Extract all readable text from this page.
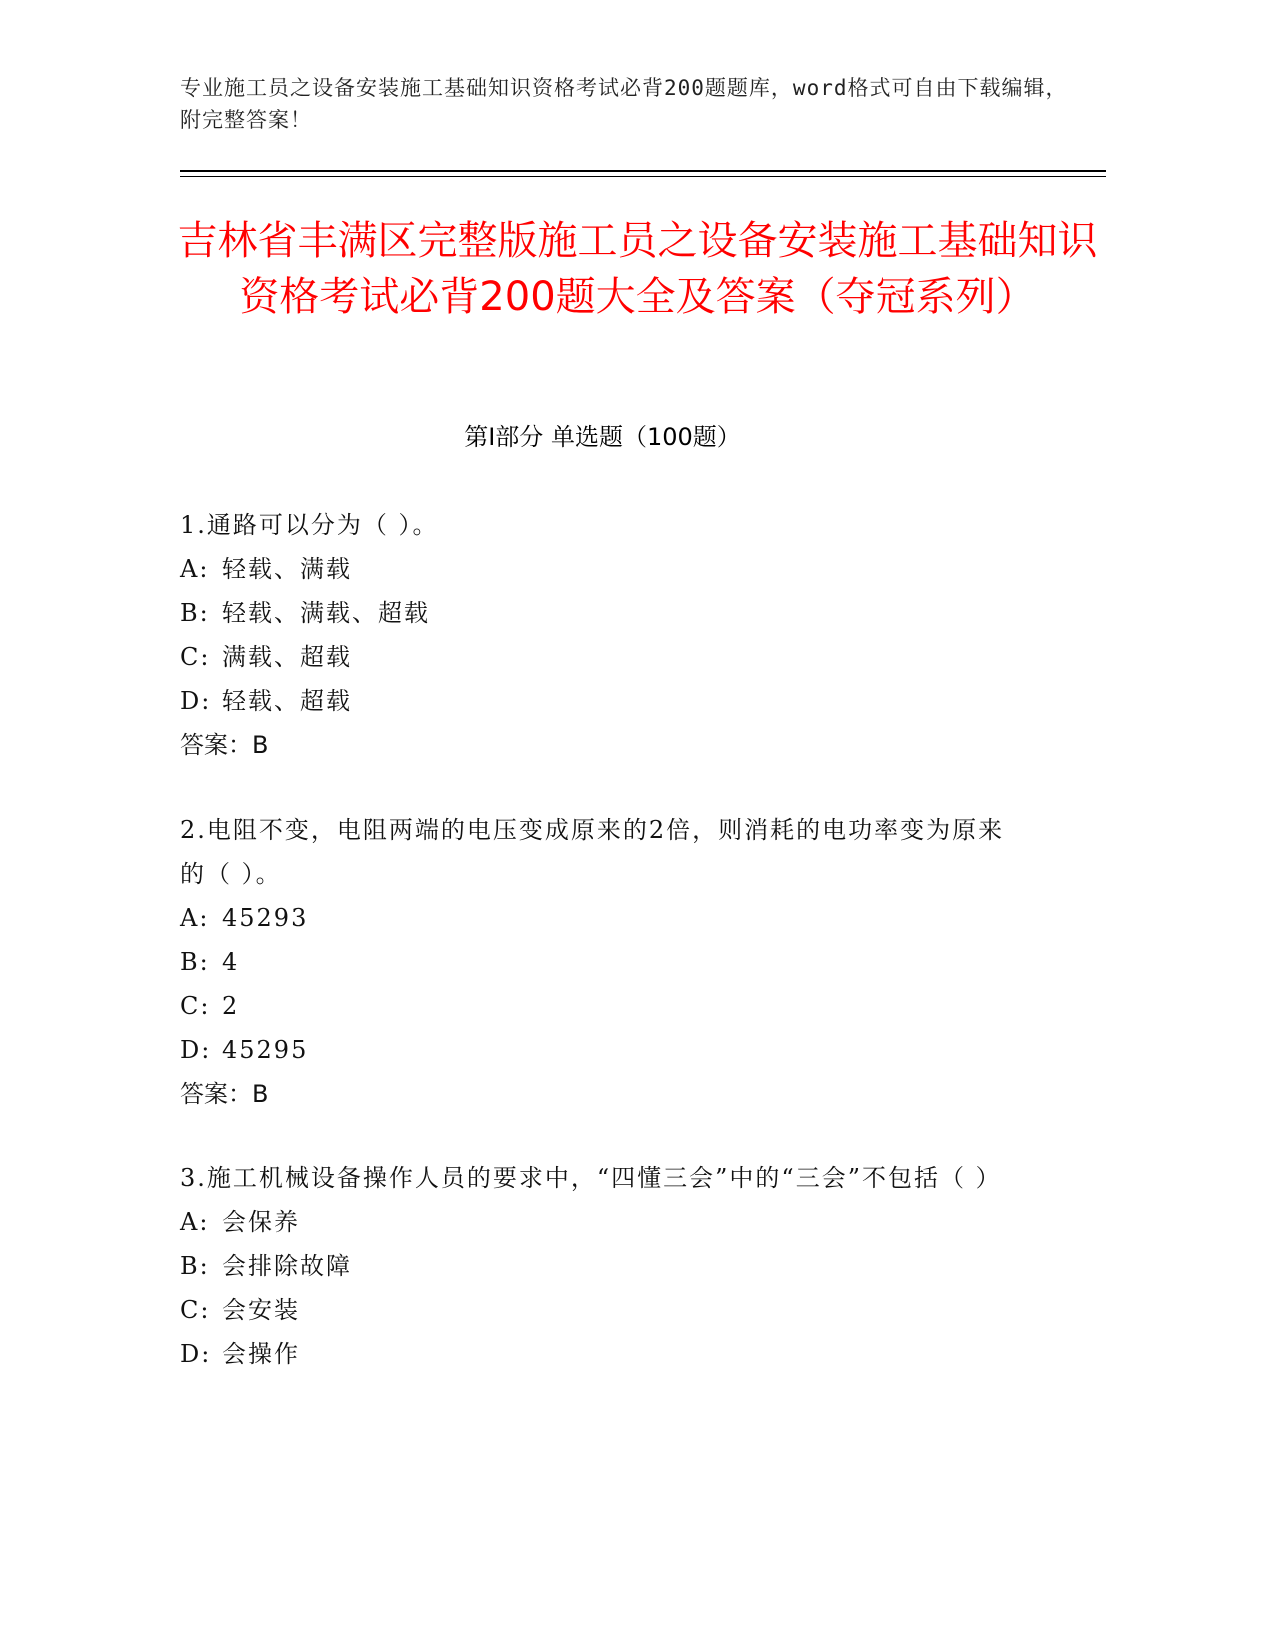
专业施工员之设备安装施工基础知识资格考试必背200题题库，word格式可自由下载编辑，附完整答案！
吉林省丰满区完整版施工员之设备安装施工基础知识资格考试必背200题大全及答案（夺冠系列）
第Ⅰ部分 单选题（100题）

1.通路可以分为（ ）。

A: 轻载、满载
B: 轻载、满载、超载
C: 满载、超载
D: 轻载、超载
答案：B

2.电阻不变，电阻两端的电压变成原来的2倍，则消耗的电功率变为原来的（ ）。

A: 45293
B: 4
C: 2
D: 45295
答案：B

3.施工机械设备操作人员的要求中，“四懂三会”中的“三会”不包括（ ）

A: 会保养
B: 会排除故障
C: 会安装
D: 会操作
